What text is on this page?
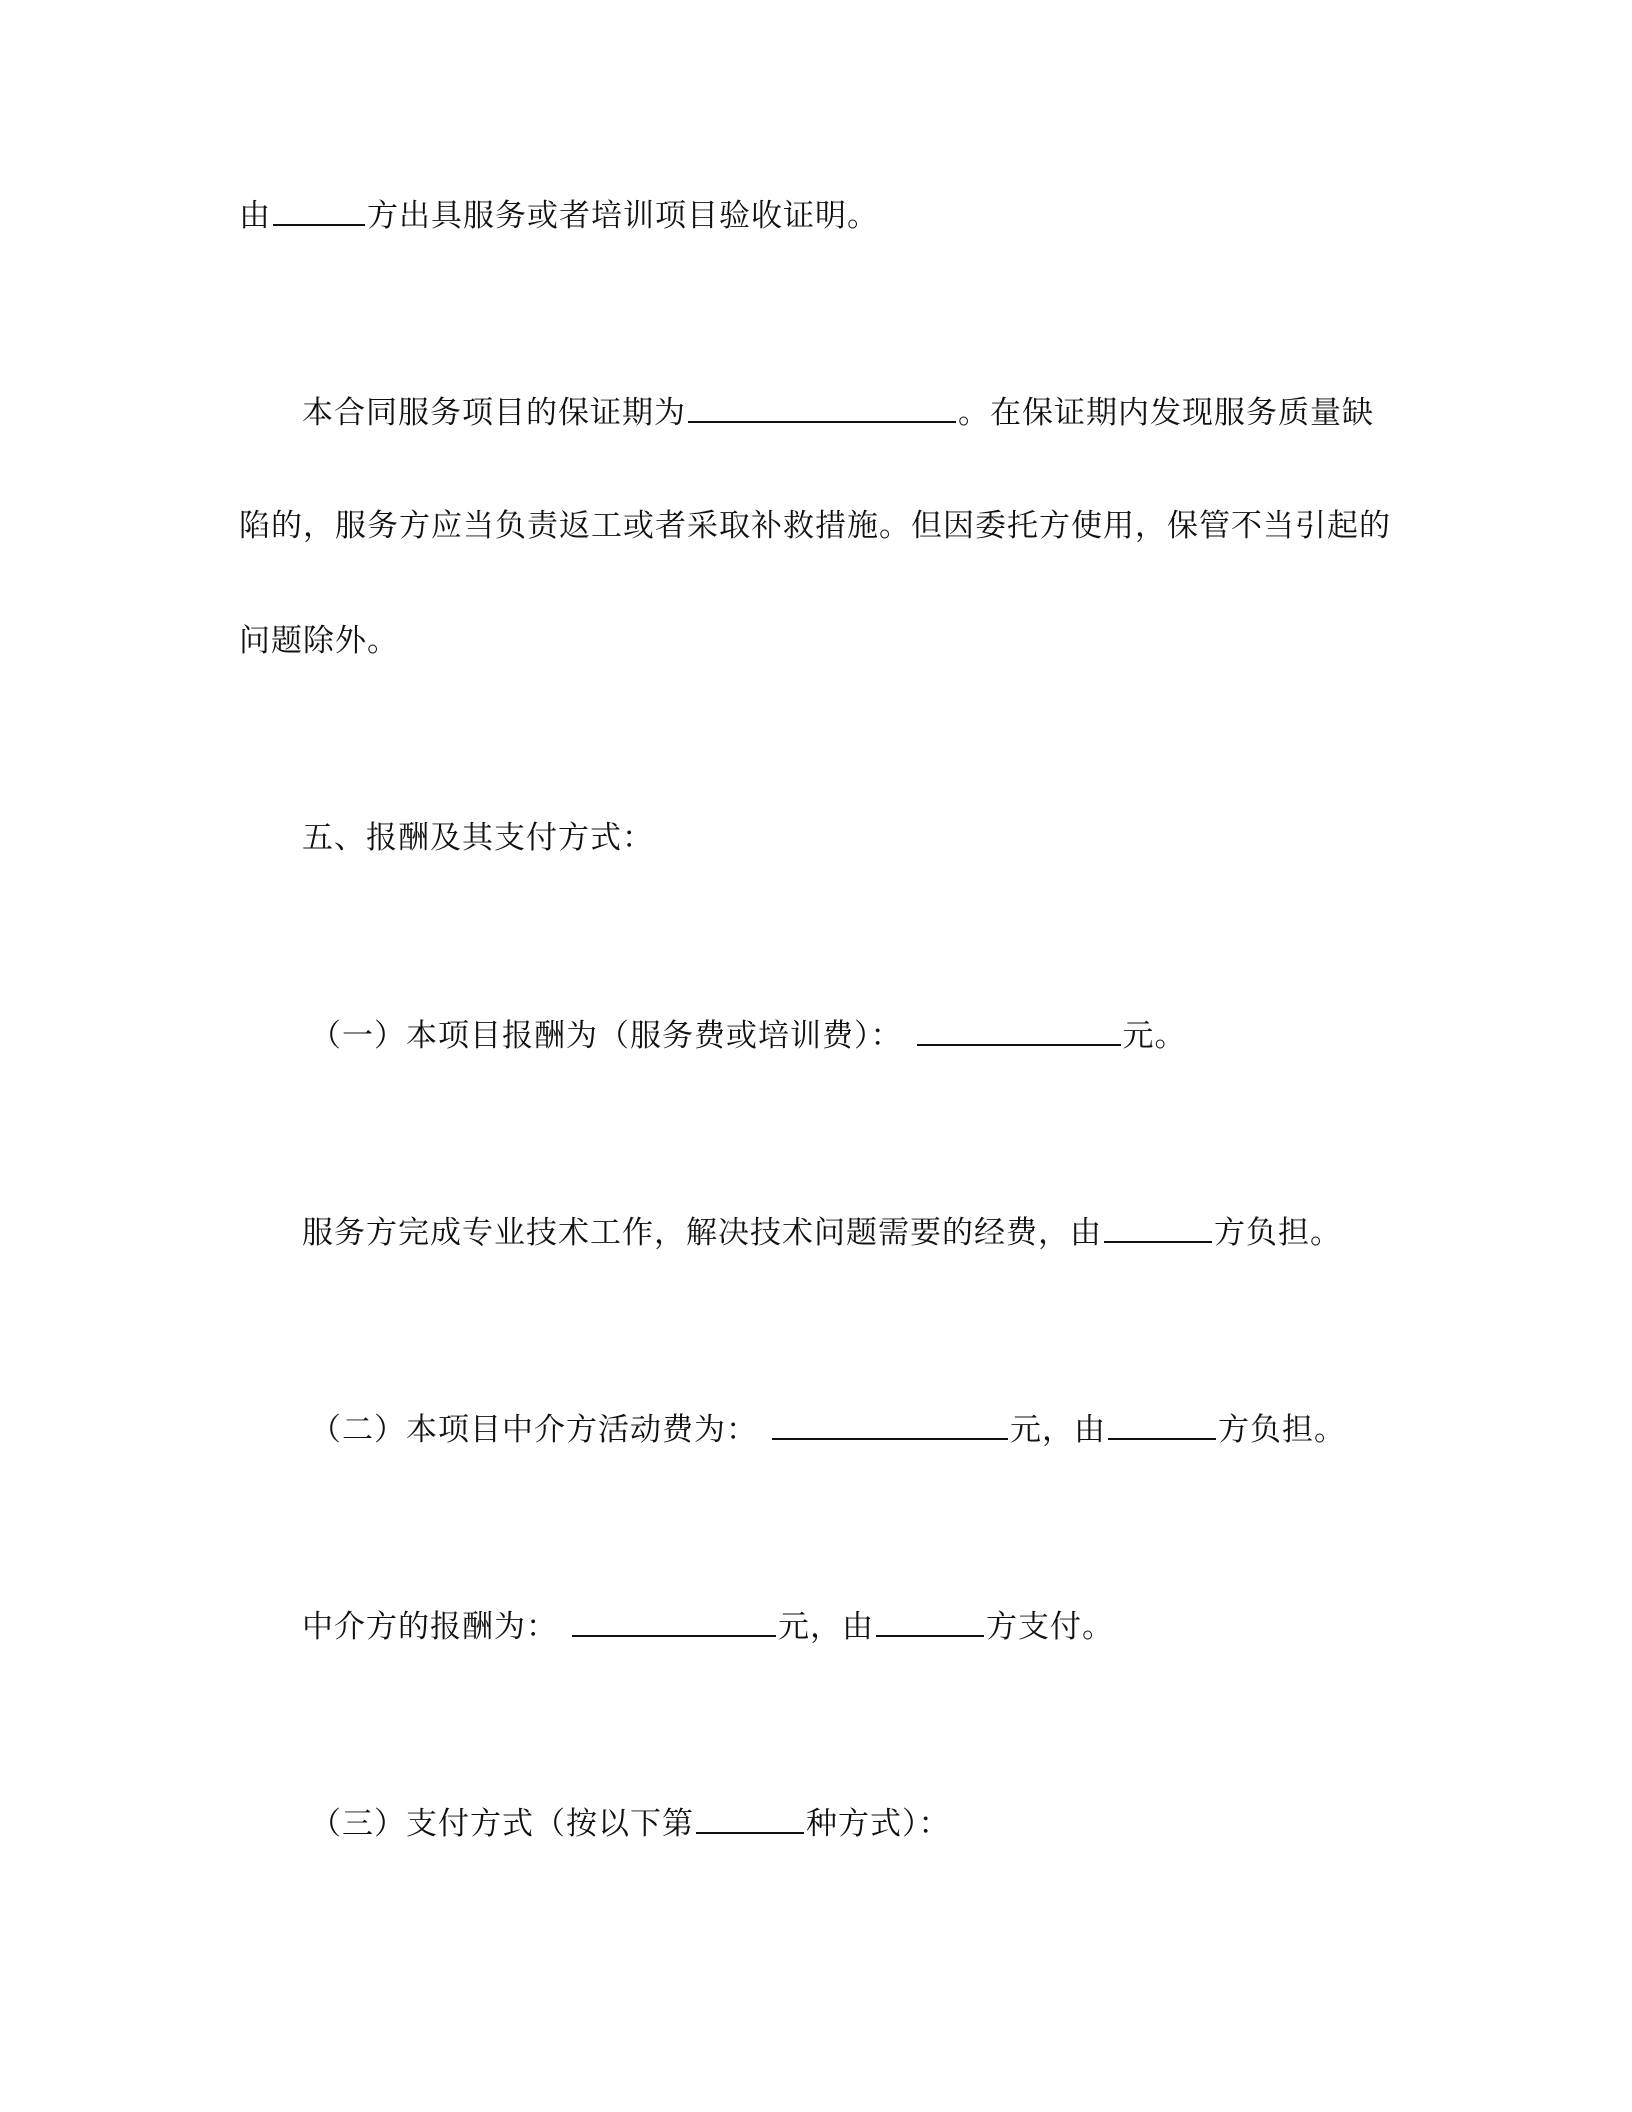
由	方出具服务或者培训项目验收证明。
本合同服务项目的保证期为	。在保证期内发现服务质量缺
陷的，服务方应当负责返工或者采取补救措施。但因委托方使用，保管不当引起的
问题除外。
五、报酬及其支付方式：
（一）本项目报酬为（服务费或培训费）：	元。
服务方完成专业技术工作，解决技术问题需要的经费，由	方负担。
（二）本项目中介方活动费为：	元，由	方负担。
中介方的报酬为：	元，由	方支付。
（三）支付方式（按以下第	种方式）：
